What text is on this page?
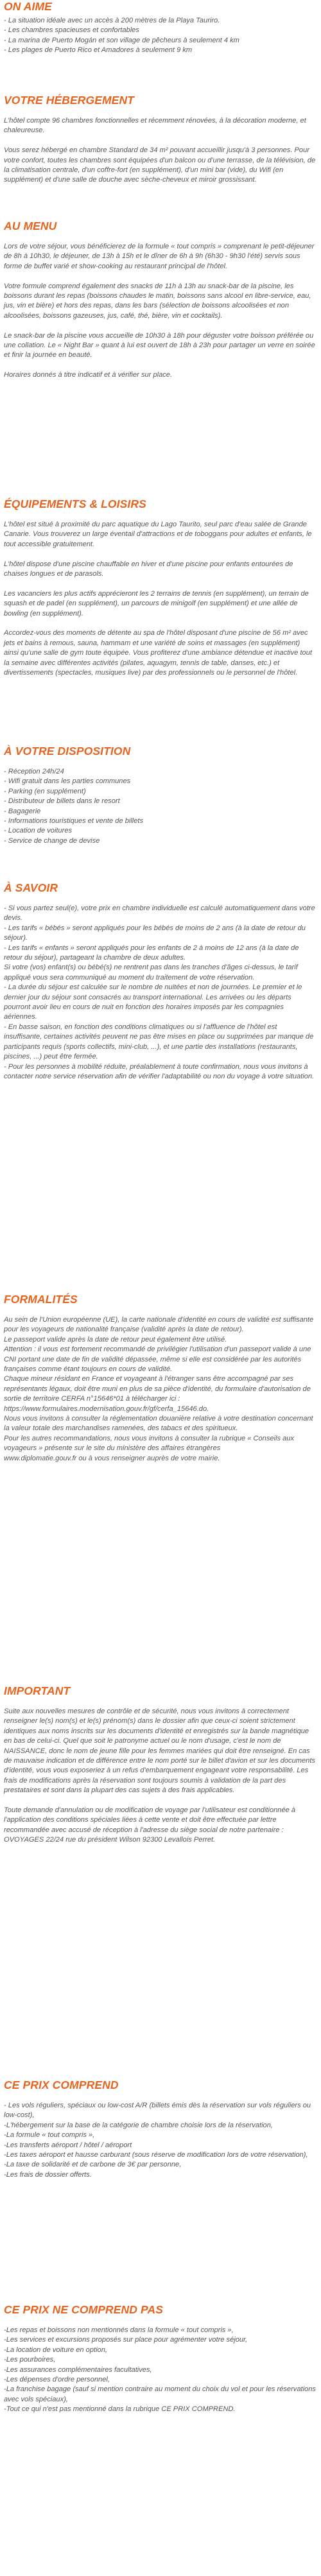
ON AIME
- La situation idéale avec un accès à 200 mètres de la Playa Tauriro.
- Les chambres spacieuses et confortables
- La marina de Puerto Mogán et son village de pêcheurs à seulement 4 km
- Les plages de Puerto Rico et Amadores à seulement 9 km
VOTRE HÉBERGEMENT

L'hôtel compte 96 chambres fonctionnelles et récemment rénovées, à la décoration moderne, et chaleureuse.

Vous serez hébergé en chambre Standard de 34 m² pouvant accueillir jusqu'à 3 personnes. Pour votre confort, toutes les chambres sont équipées d'un balcon ou d'une terrasse, de la télévision, de la climatisation centrale, d'un coffre-fort (en supplément), d'un mini bar (vide), du Wifi (en supplément) et d'une salle de douche avec sèche-cheveux et miroir grossissant.

AU MENU

Lors de votre séjour, vous bénéficierez de la formule « tout compris » comprenant le petit-déjeuner de 8h à 10h30, le déjeuner, de 13h à 15h et le dîner de 6h à 9h (6h30 - 9h30 l'été) servis sous forme de buffet varié et show-cooking au restaurant principal de l'hôtel.

Votre formule comprend également des snacks de 11h à 13h au snack-bar de la piscine, les boissons durant les repas (boissons chaudes le matin, boissons sans alcool en libre-service, eau, jus, vin et bière) et hors des repas, dans les bars (sélection de boissons alcoolisées et non alcoolisées, boissons gazeuses, jus, café, thé, bière, vin et cocktails).

Le snack-bar de la piscine vous accueille de 10h30 à 18h pour déguster votre boisson préférée ou une collation. Le « Night Bar » quant à lui est ouvert de 18h à 23h pour partager un verre en soirée et finir la journée en beauté.

Horaires donnés à titre indicatif et à vérifier sur place.

ÉQUIPEMENTS & LOISIRS

L'hôtel est situé à proximité du parc aquatique du Lago Taurito, seul parc d'eau salée de Grande Canarie. Vous trouverez un large éventail d'attractions et de toboggans pour adultes et enfants, le tout accessible gratuitement.

L'hôtel dispose d'une piscine chauffable en hiver et d'une piscine pour enfants entourées de chaises longues et de parasols.

Les vacanciers les plus actifs apprécieront les 2 terrains de tennis (en supplément), un terrain de squash et de padel (en supplément), un parcours de minigolf (en supplément) et une allée de bowling (en supplément).

Accordez-vous des moments de détente au spa de l'hôtel disposant d'une piscine de 56 m² avec jets et bains à remous, sauna, hammam et une variété de soins et massages (en supplément) ainsi qu'une salle de gym toute équipée. Vous profiterez d'une ambiance détendue et inactive tout la semaine avec différentes activités (pilates, aquagym, tennis de table, danses, etc.) et divertissements (spectacles, musiques live) par des professionnels ou le personnel de l'hôtel.

À VOTRE DISPOSITION
- Réception 24h/24
- Wifi gratuit dans les parties communes
- Parking (en supplément)
- Distributeur de billets dans le resort
- Bagagerie
- Informations touristiques et vente de billets
- Location de voitures
- Service de change de devise
À SAVOIR

- Si vous partez seul(e), votre prix en chambre individuelle est calculé automatiquement dans votre devis.

- Les tarifs « bébés » seront appliqués pour les bébés de moins de 2 ans (à la date de retour du séjour).

- Les tarifs « enfants » seront appliqués pour les enfants de 2 à moins de 12 ans (à la date de retour du séjour), partageant la chambre de deux adultes.

Si votre (vos) enfant(s) ou bébé(s) ne rentrent pas dans les tranches d'âges ci-dessus, le tarif appliqué vous sera communiqué au moment du traitement de votre réservation.

- La durée du séjour est calculée sur le nombre de nuitées et non de journées. Le premier et le dernier jour du séjour sont consacrés au transport international. Les arrivées ou les départs pourront avoir lieu en cours de nuit en fonction des horaires imposés par les compagnies aériennes.

- En basse saison, en fonction des conditions climatiques ou si l'affluence de l'hôtel est insuffisante, certaines activités peuvent ne pas être mises en place ou supprimées par manque de participants requis (sports collectifs, mini-club, ...), et une partie des installations (restaurants, piscines, ...) peut être fermée.

- Pour les personnes à mobilité réduite, préalablement à toute confirmation, nous vous invitons à contacter notre service réservation afin de vérifier l'adaptabilité ou non du voyage à votre situation.

FORMALITÉS

Au sein de l'Union européenne (UE), la carte nationale d'identité en cours de validité est suffisante pour les voyageurs de nationalité française (validité après la date de retour).

Le passeport valide après la date de retour peut également être utilisé.

Attention : il vous est fortement recommandé de privilégier l'utilisation d'un passeport valide à une CNI portant une date de fin de validité dépassée, même si elle est considérée par les autorités françaises comme étant toujours en cours de validité.

Chaque mineur résidant en France et voyageant à l'étranger sans être accompagné par ses représentants légaux, doit être muni en plus de sa pièce d'identité, du formulaire d'autorisation de sortie de territoire CERFA n°15646*01 à télécharger ici : https://www.formulaires.modernisation.gouv.fr/gf/cerfa_15646.do.

Nous vous invitons à consulter la réglementation douanière relative à votre destination concernant la valeur totale des marchandises ramenées, des tabacs et des spiritueux.

Pour les autres recommandations, nous vous invitons à consulter la rubrique « Conseils aux voyageurs » présente sur le site du ministère des affaires étrangères

www.diplomatie.gouv.fr ou à vous renseigner auprès de votre mairie.

IMPORTANT

Suite aux nouvelles mesures de contrôle et de sécurité, nous vous invitons à correctement renseigner le(s) nom(s) et le(s) prénom(s) dans le dossier afin que ceux-ci soient strictement identiques aux noms inscrits sur les documents d'identité et enregistrés sur la bande magnétique en bas de celui-ci. Quel que soit le patronyme actuel ou le nom d'usage, c'est le nom de NAISSANCE, donc le nom de jeune fille pour les femmes mariées qui doit être renseigné. En cas de mauvaise indication et de différence entre le nom porté sur le billet d'avion et sur les documents d'identité, vous vous exposeriez à un refus d'embarquement engageant votre responsabilité. Les frais de modifications après la réservation sont toujours soumis à validation de la part des prestataires et sont dans la plupart des cas sujets à des frais applicables.

Toute demande d'annulation ou de modification de voyage par l'utilisateur est conditionnée à l'application des conditions spéciales liées à cette vente et doit être effectuée par lettre recommandée avec accusé de réception à l'adresse du siège social de notre partenaire : OVOYAGES 22/24 rue du président Wilson 92300 Levallois Perret.

CE PRIX COMPREND
- Les vols réguliers, spéciaux ou low-cost A/R (billets émis dès la réservation sur vols réguliers ou low-cost),
-L'hébergement sur la base de la catégorie de chambre choisie lors de la réservation,
-La formule « tout compris »,
-Les transferts aéroport / hôtel / aéroport
-Les taxes aéroport et hausse carburant (sous réserve de modification lors de votre réservation),
-La taxe de solidarité et de carbone de 3€ par personne,
-Les frais de dossier offerts.
CE PRIX NE COMPREND PAS
-Les repas et boissons non mentionnés dans la formule « tout compris »,
-Les services et excursions proposés sur place pour agrémenter votre séjour,
-La location de voiture en option,
-Les pourboires,
-Les assurances complémentaires facultatives,
-Les dépenses d'ordre personnel,
-La franchise bagage (sauf si mention contraire au moment du choix du vol et pour les réservations avec vols spéciaux),
-Tout ce qui n'est pas mentionné dans la rubrique CE PRIX COMPREND.
